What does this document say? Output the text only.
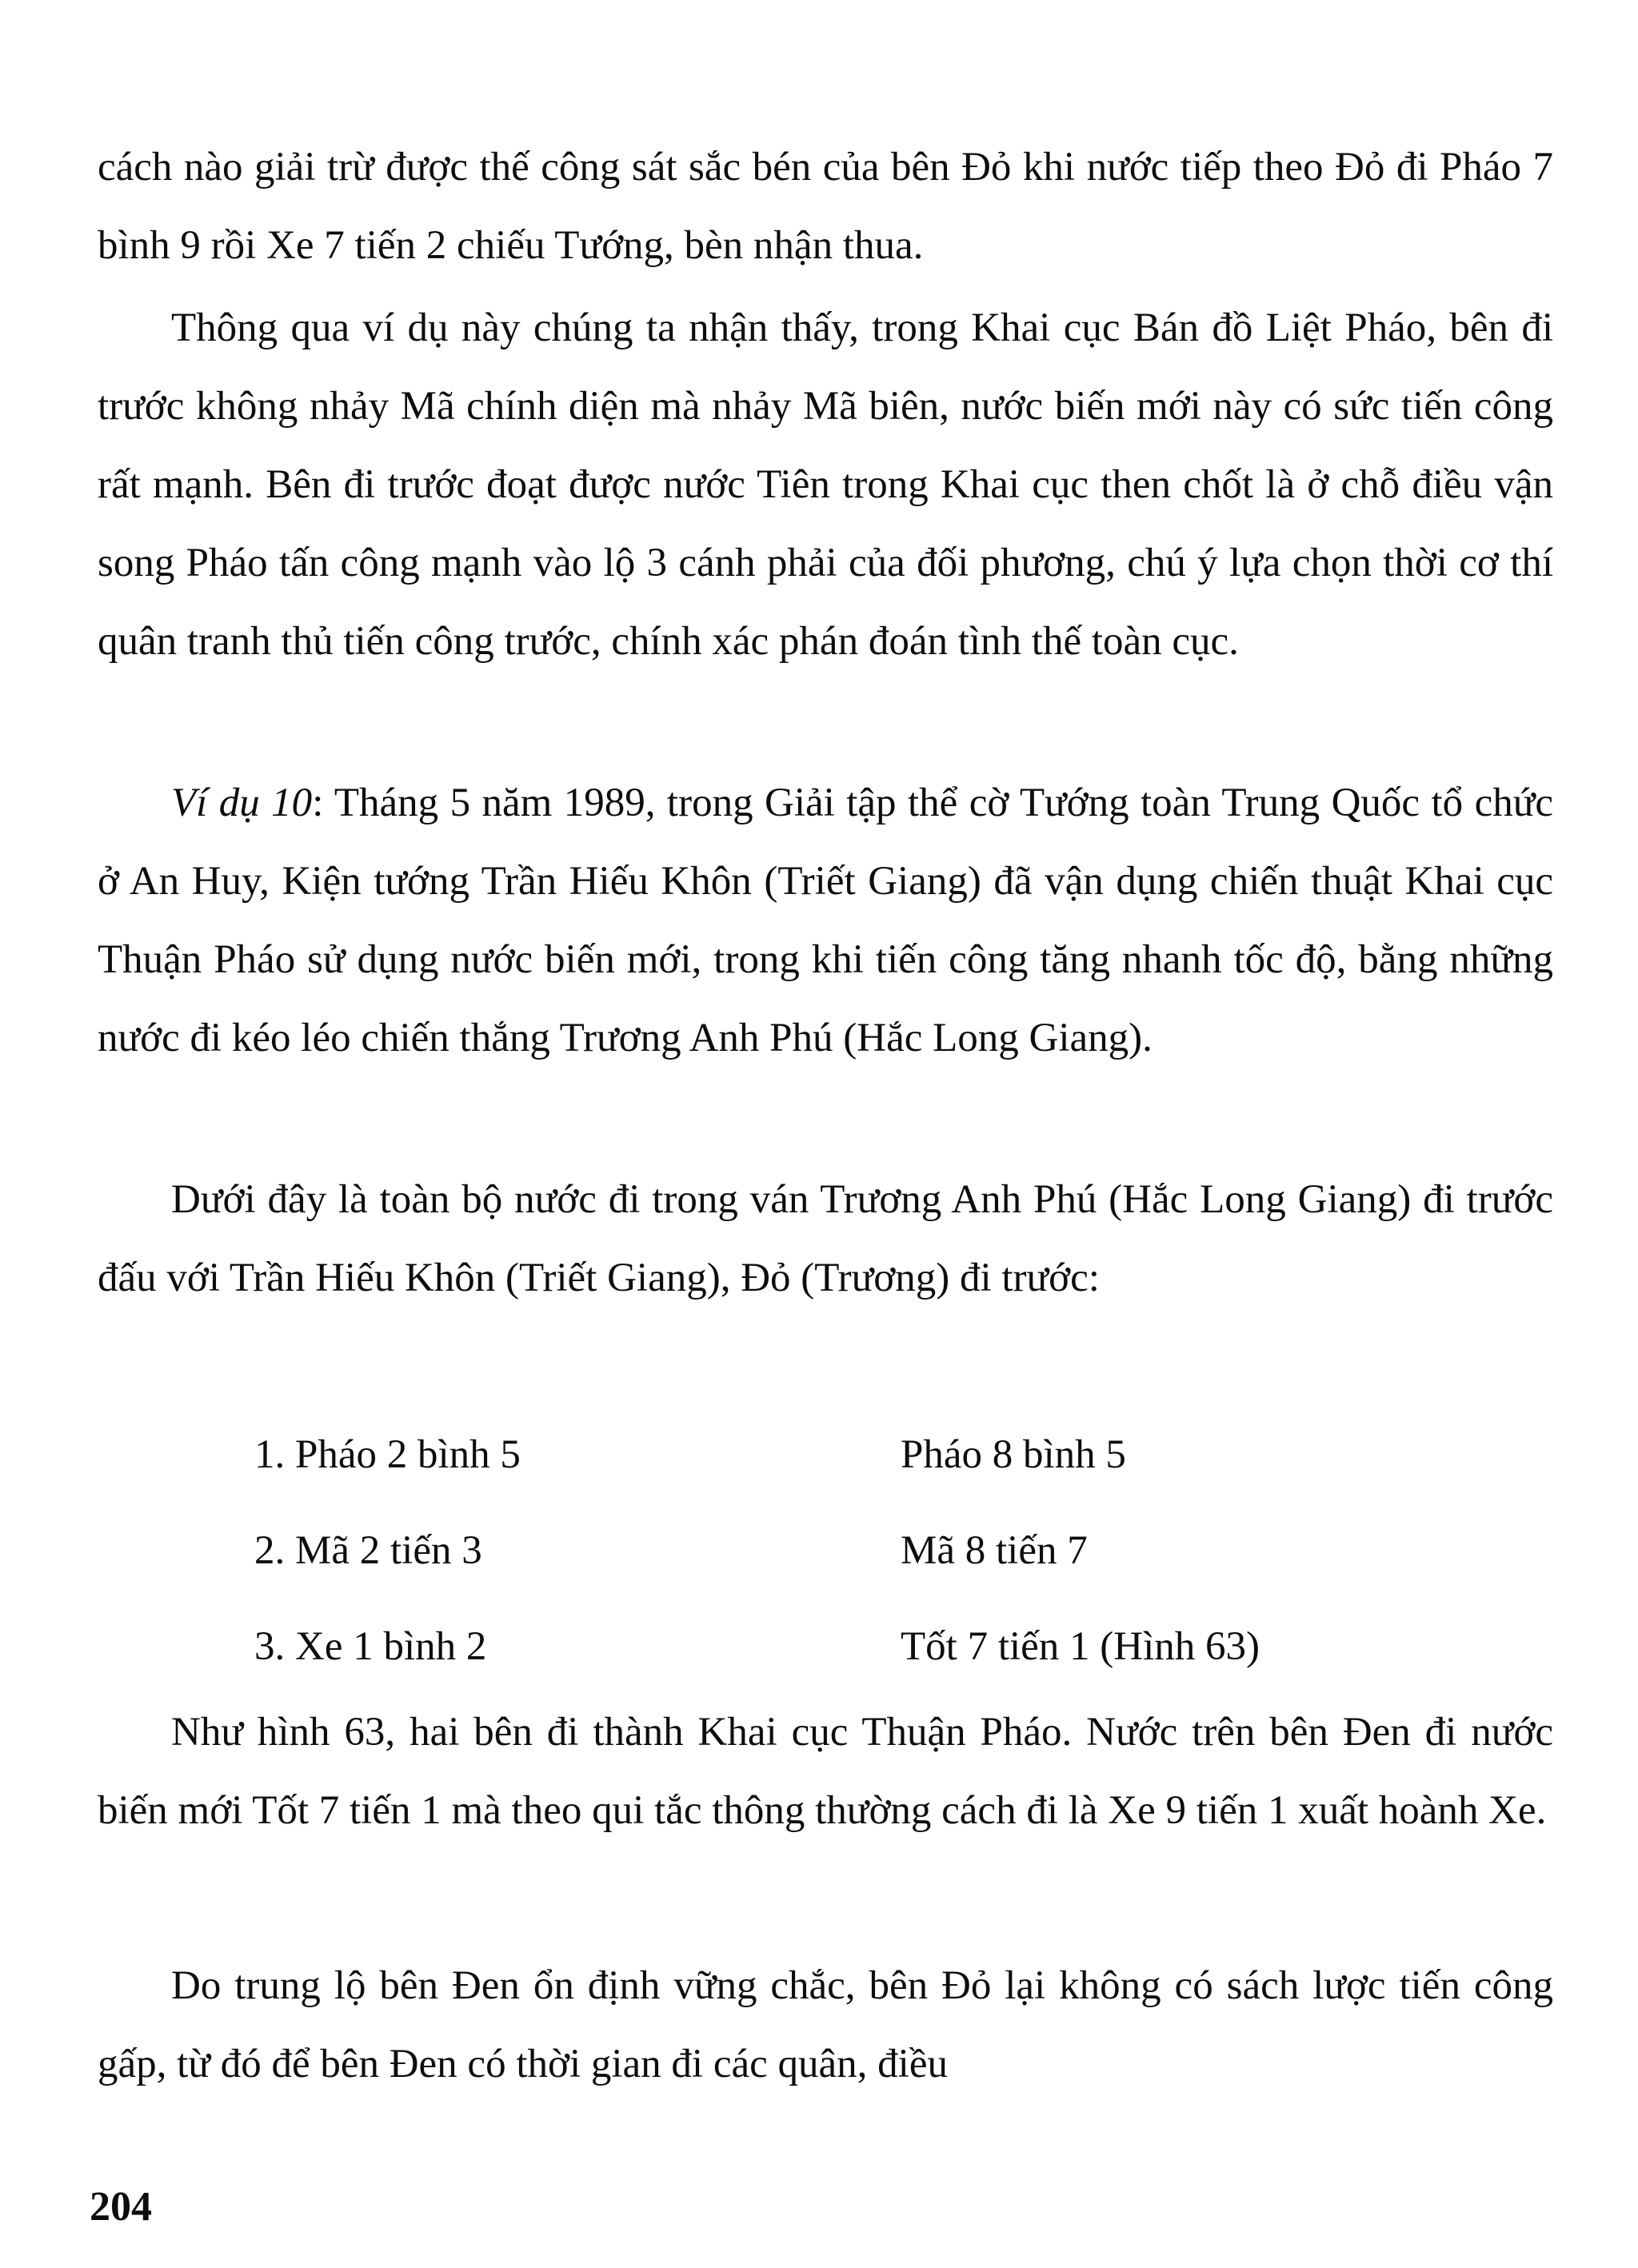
cách nào giải trừ được thế công sát sắc bén của bên Đỏ khi nước tiếp theo Đỏ đi Pháo 7 bình 9 rồi Xe 7 tiến 2 chiếu Tướng, bèn nhận thua.

Thông qua ví dụ này chúng ta nhận thấy, trong Khai cục Bán đồ Liệt Pháo, bên đi trước không nhảy Mã chính diện mà nhảy Mã biên, nước biến mới này có sức tiến công rất mạnh. Bên đi trước đoạt được nước Tiên trong Khai cục then chốt là ở chỗ điều vận song Pháo tấn công mạnh vào lộ 3 cánh phải của đối phương, chú ý lựa chọn thời cơ thí quân tranh thủ tiến công trước, chính xác phán đoán tình thế toàn cục.

Ví dụ 10: Tháng 5 năm 1989, trong Giải tập thể cờ Tướng toàn Trung Quốc tổ chức ở An Huy, Kiện tướng Trần Hiếu Khôn (Triết Giang) đã vận dụng chiến thuật Khai cục Thuận Pháo sử dụng nước biến mới, trong khi tiến công tăng nhanh tốc độ, bằng những nước đi kéo léo chiến thắng Trương Anh Phú (Hắc Long Giang).

Dưới đây là toàn bộ nước đi trong ván Trương Anh Phú (Hắc Long Giang) đi trước đấu với Trần Hiếu Khôn (Triết Giang), Đỏ (Trương) đi trước:

1. Pháo 2 bình 5	Pháo 8 bình 5
2. Mã 2 tiến 3	Mã 8 tiến 7
3. Xe 1 bình 2	Tốt 7 tiến 1 (Hình 63)

Như hình 63, hai bên đi thành Khai cục Thuận Pháo. Nước trên bên Đen đi nước biến mới Tốt 7 tiến 1 mà theo qui tắc thông thường cách đi là Xe 9 tiến 1 xuất hoành Xe.

Do trung lộ bên Đen ổn định vững chắc, bên Đỏ lại không có sách lược tiến công gấp, từ đó để bên Đen có thời gian đi các quân, điều

204
